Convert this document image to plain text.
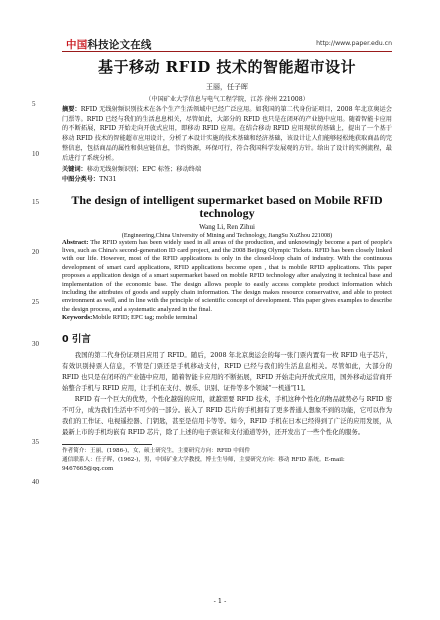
中国科技论文在线	http://www.paper.edu.cn
5
10
15
20
25
30
35
40
基于移动 RFID 技术的智能超市设计
王丽，任子晖
（中国矿业大学信息与电气工程学院，江苏 徐州 221008）
摘要：RFID 无线射频识别技术在各个生产生活领域中已经广泛应用。如我国的第二代身份证项目，2008 年北京奥运会门票等。RFID 已经与我们的生活息息相关，尽管如此，大部分的 RFID 也只是在闭环的产业链中应用。随着智能卡应用的不断拓展，RFID 开始走向开放式应用，即移动 RFID 应用。在结合移动 RFID 应用现状的基础上，提出了一个基于移动 RFID 技术的智能超市应用设计，分析了本设计实施的技术基础和经济基础，该设计让人们能够轻松地获取商品的完整信息，包括商品的属性和供应链信息，节约资源，环保可行，符合我国科学发展观的方针。给出了设计的实例流程，最后进行了系统分析。
关键词：移动无线射频识别；EPC 标签；移动终端
中图分类号：TN31
The design of intelligent supermarket based on Mobile RFID technology
Wang Li, Ren Zihui
(Engineering,China University of Mining and Technology, JiangSu XuZhou 221008)
Abstract: The RFID system has been widely used in all areas of the production, and unknowingly become a part of people's lives, such as China's second-generation ID card project, and the 2008 Beijing Olympic Tickets. RFID has been closely linked with our life. However, most of the RFID applications is only in the closed-loop chain of industry. With the continuous development of smart card applications, RFID applications become open , that is mobile RFID applications. This paper proposes a application design of a smart supermarket based on mobile RFID technology after analyzing it technical base and implementation of the economic base. The design allows people to easily access complete product information which including the attributes of goods and supply chain information. The design makes resource conservative, and able to protect environment as well, and in line with the principle of scientific concept of development. This paper gives examples to describe the design process, and a systematic analyzed in the final.
Keywords:Mobile RFID; EPC tag; mobile terminal
0 引言
我国的第二代身份证项目应用了 RFID。随后，2008 年北京奥运会的每一张门票内置有一枚 RFID 电子芯片，有效识别持票人信息，不管是门票还是手机移动支付，RFID 已经与我们的生活息息相关。尽管如此，大部分的 RFID 也只是在闭环的产业链中应用，随着智能卡应用的不断拓展，RFID 开始走向开放式应用，国外移动运营商开始整合手机与 RFID 应用，让手机在支付、娱乐、识别、证件等多个领域“一机通”[1]。
RFID 有一个巨大的优势，个性化越强的应用，就越需要 RFID 技术，手机这种个性化的物品就势必与 RFID 密不可分，成为我们生活中不可少的一部分。嵌入了 RFID 芯片的手机拥有了更多普通人想象不到的功能，它可以作为我们的工作证、电视遥控器、门钥匙，甚至是信用卡等等。如今，RFID 手机在日本已经得到了广泛的应用发展，从最新上市的手机均嵌有 RFID 芯片，除了上述的电子票证和支付通道等外，还开发出了一些个性化的服务。
作者简介：王丽，(1986-)，女，硕士研究生，主要研究方向：RFID 中间件
通信联系人：任子晖，(1962-)，男，中国矿业大学教授，博士生导师，主要研究方向：移动 RFID 系统。E-mail: 9467665@qq.com
- 1 -
